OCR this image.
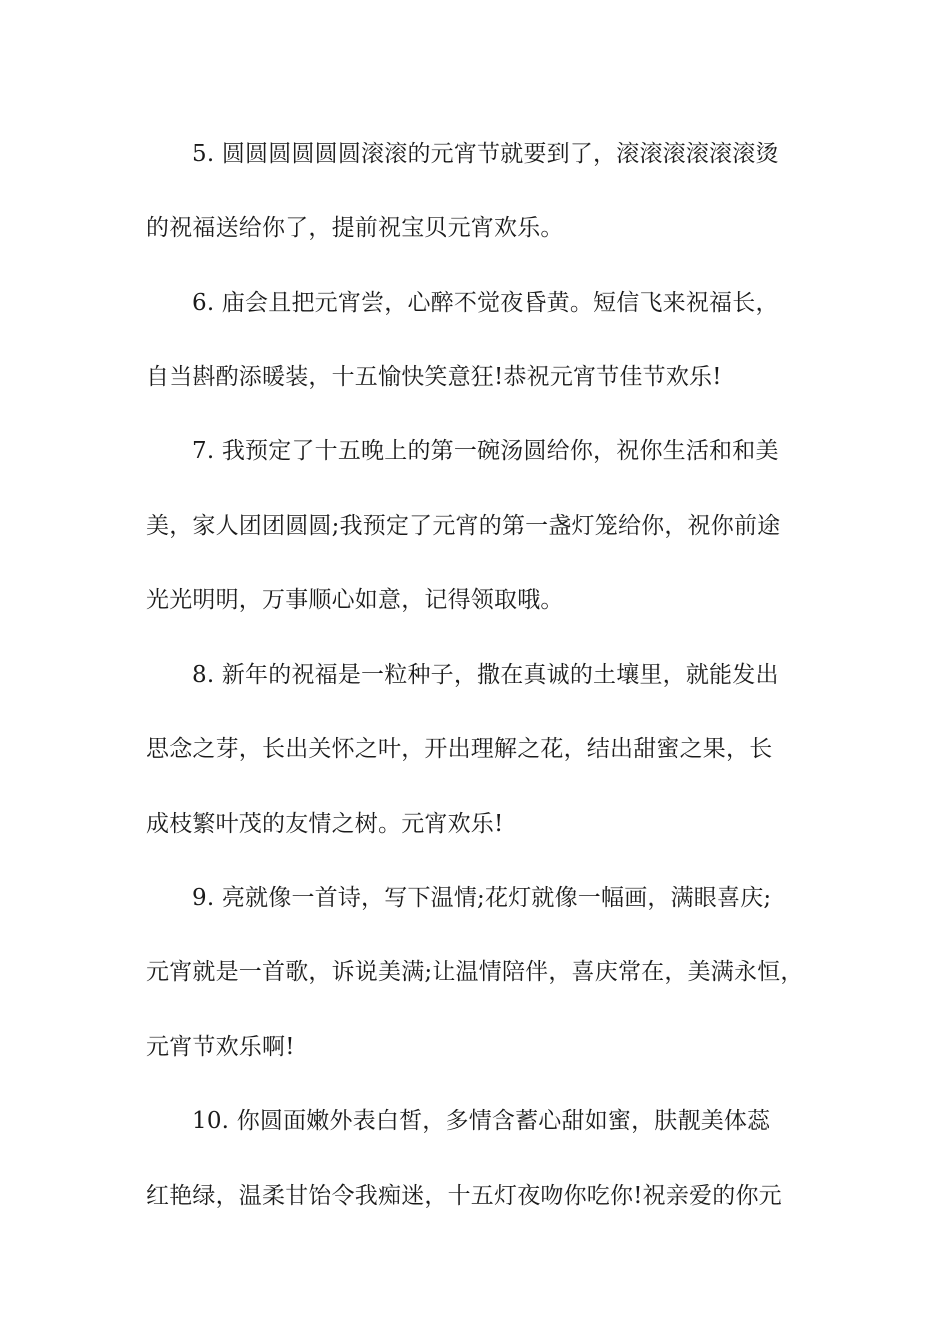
5. 圆圆圆圆圆圆滚滚的元宵节就要到了，滚滚滚滚滚滚烫

的祝福送给你了，提前祝宝贝元宵欢乐。

6. 庙会且把元宵尝，心醉不觉夜昏黄。短信飞来祝福长，

自当斟酌添暖装，十五愉快笑意狂!恭祝元宵节佳节欢乐!

7. 我预定了十五晚上的第一碗汤圆给你，祝你生活和和美

美，家人团团圆圆;我预定了元宵的第一盏灯笼给你，祝你前途

光光明明，万事顺心如意，记得领取哦。

8. 新年的祝福是一粒种子，撒在真诚的土壤里，就能发出

思念之芽，长出关怀之叶，开出理解之花，结出甜蜜之果，长

成枝繁叶茂的友情之树。元宵欢乐!

9. 亮就像一首诗，写下温情;花灯就像一幅画，满眼喜庆;

元宵就是一首歌，诉说美满;让温情陪伴，喜庆常在，美满永恒，

元宵节欢乐啊!

10. 你圆面嫩外表白皙，多情含蓄心甜如蜜，肤靓美体蕊

红艳绿，温柔甘饴令我痴迷，十五灯夜吻你吃你!祝亲爱的你元
